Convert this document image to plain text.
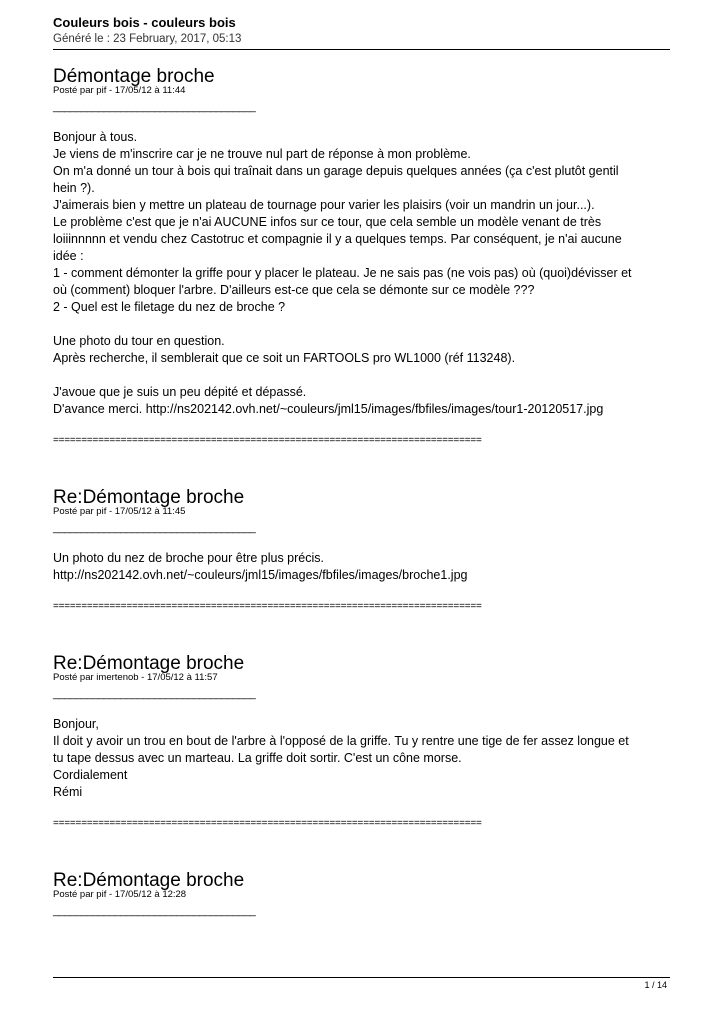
Couleurs bois - couleurs bois
Généré le : 23 February, 2017, 05:13
Démontage broche
Posté par pif - 17/05/12 à 11:44
____________________________________
Bonjour à tous.
Je viens de m'inscrire car je ne trouve nul part de réponse à mon problème.
On m'a donné un tour à bois qui traînait dans un garage depuis quelques années (ça c'est plutôt gentil
hein ?).
J'aimerais bien y mettre un plateau de tournage pour varier les plaisirs (voir un mandrin un jour...).
Le problème c'est que je n'ai AUCUNE infos sur ce tour, que cela semble un modèle venant de très
loiiinnnnn et vendu chez Castotruc et compagnie il y a quelques temps. Par conséquent, je n'ai aucune
idée :
1 - comment démonter la griffe pour y placer le plateau. Je ne sais pas (ne vois pas) où (quoi)dévisser et
où (comment) bloquer l'arbre. D'ailleurs est-ce que cela se démonte sur ce modèle ???
2 - Quel est le filetage du nez de broche ?
Une photo du tour en question.
Après recherche, il semblerait que ce soit un FARTOOLS pro WL1000 (réf 113248).
J'avoue que je suis un peu dépité et dépassé.
D'avance merci. http://ns202142.ovh.net/~couleurs/jml15/images/fbfiles/images/tour1-20120517.jpg
============================================================================
Re:Démontage broche
Posté par pif - 17/05/12 à 11:45
____________________________________
Un photo du nez de broche pour être plus précis.
http://ns202142.ovh.net/~couleurs/jml15/images/fbfiles/images/broche1.jpg
============================================================================
Re:Démontage broche
Posté par imertenob - 17/05/12 à 11:57
____________________________________
Bonjour,
Il doit y avoir un trou en bout de l'arbre à l'opposé de la griffe. Tu y rentre une tige de fer assez longue et
tu tape dessus avec un marteau. La griffe doit sortir. C'est un cône morse.
Cordialement
Rémi
============================================================================
Re:Démontage broche
Posté par pif - 17/05/12 à 12:28
____________________________________
1 / 14
